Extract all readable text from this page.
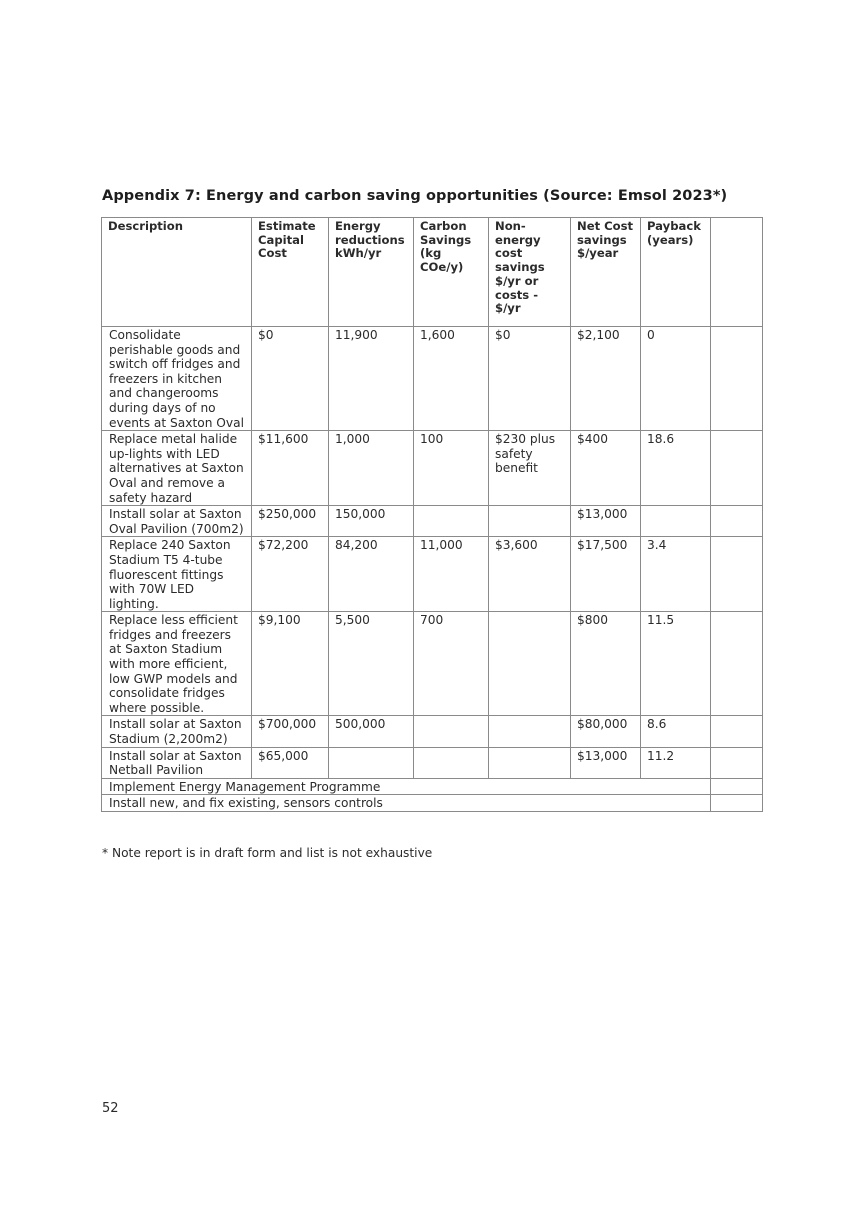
Appendix 7: Energy and carbon saving opportunities (Source: Emsol 2023*)
Description	Estimate Capital Cost	Energy reductions kWh/yr	Carbon Savings (kg COe/y)	Non-energy cost savings $/yr or costs - $/yr	Net Cost savings $/year	Payback (years)	
Consolidate perishable goods and switch off fridges and freezers in kitchen and changerooms during days of no events at Saxton Oval	$0	11,900	1,600	$0	$2,100	0	
Replace metal halide up-lights with LED alternatives at Saxton Oval and remove a safety hazard	$11,600	1,000	100	$230 plus safety benefit	$400	18.6	
Install solar at Saxton Oval Pavilion (700m2)	$250,000	150,000			$13,000		
Replace 240 Saxton Stadium T5 4-tube fluorescent fittings with 70W LED lighting.	$72,200	84,200	11,000	$3,600	$17,500	3.4	
Replace less efficient fridges and freezers at Saxton Stadium with more efficient, low GWP models and consolidate fridges where possible.	$9,100	5,500	700		$800	11.5	
Install solar at Saxton Stadium (2,200m2)	$700,000	500,000			$80,000	8.6	
Install solar at Saxton Netball Pavilion	$65,000				$13,000	11.2	
Implement Energy Management Programme							
Install new, and fix existing, sensors controls							
* Note report is in draft form and list is not exhaustive
52
